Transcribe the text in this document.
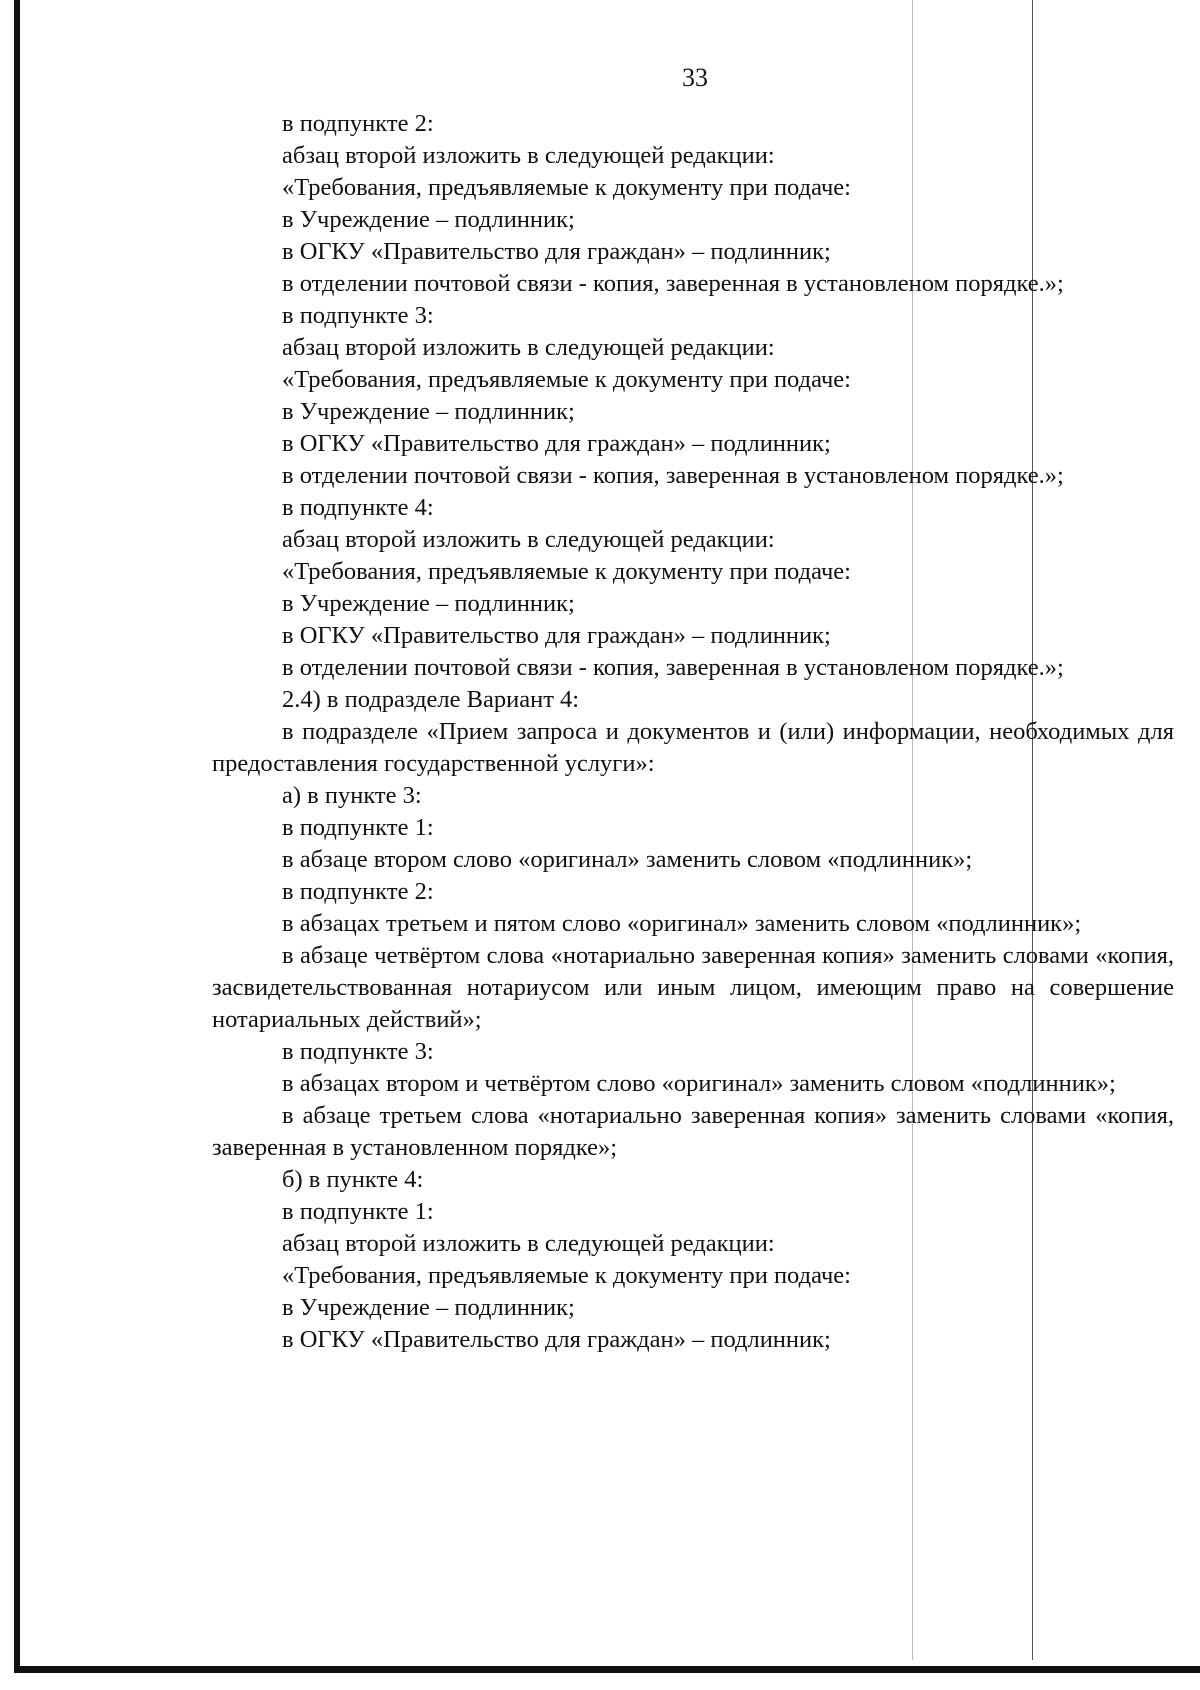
33

в подпункте 2:

абзац второй изложить в следующей редакции:

«Требования, предъявляемые к документу при подаче:

в Учреждение – подлинник;

в ОГКУ «Правительство для граждан» – подлинник;

в отделении почтовой связи - копия, заверенная в установленом порядке.»;

в подпункте 3:

абзац второй изложить в следующей редакции:

«Требования, предъявляемые к документу при подаче:

в Учреждение – подлинник;

в ОГКУ «Правительство для граждан» – подлинник;

в отделении почтовой связи - копия, заверенная в установленом порядке.»;

в подпункте 4:

абзац второй изложить в следующей редакции:

«Требования, предъявляемые к документу при подаче:

в Учреждение – подлинник;

в ОГКУ «Правительство для граждан» – подлинник;

в отделении почтовой связи - копия, заверенная в установленом порядке.»;

2.4) в подразделе Вариант 4:

в подразделе «Прием запроса и документов и (или) информации, необходимых для предоставления государственной услуги»:

а) в пункте 3:

в подпункте 1:

в абзаце втором слово «оригинал» заменить словом «подлинник»;

в подпункте 2:

в абзацах третьем и пятом слово «оригинал» заменить словом «подлинник»;

в абзаце четвёртом слова «нотариально заверенная копия» заменить словами «копия, засвидетельствованная нотариусом или иным лицом, имеющим право на совершение нотариальных действий»;

в подпункте 3:

в абзацах втором и четвёртом слово «оригинал» заменить словом «подлинник»;

в абзаце третьем слова «нотариально заверенная копия» заменить словами «копия, заверенная в установленном порядке»;

б) в пункте 4:

в подпункте 1:

абзац второй изложить в следующей редакции:

«Требования, предъявляемые к документу при подаче:

в Учреждение – подлинник;

в ОГКУ «Правительство для граждан» – подлинник;
